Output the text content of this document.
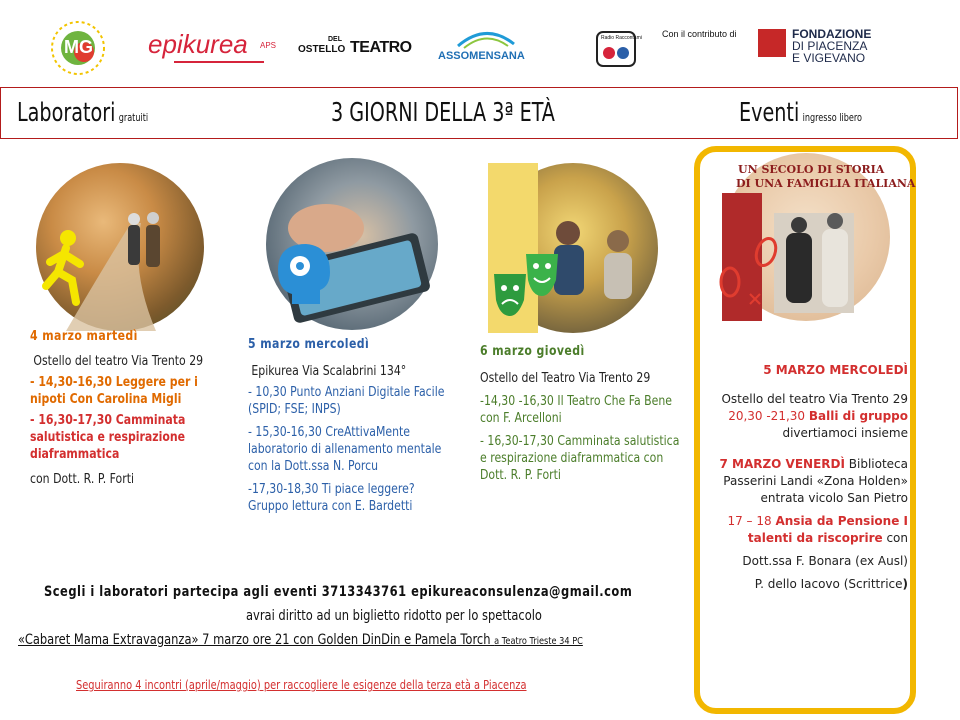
MG epikurea APS OSTELLO
DEL TEATRO ASSOMENSANA
Radio Raccontami Con il contributo di	FONDAZIONE
DI PIACENZA
E VIGEVANO
Laboratori gratuiti	3 GIORNI DELLA 3ª ETÀ	Eventi ingresso libero
UN SECOLO DI STORIA
DI UNA FAMIGLIA ITALIANA
4 marzo martedì
Ostello del teatro Via Trento 29
- 14,30-16,30 Leggere per i nipoti Con Carolina Migli
- 16,30-17,30 Camminata salutistica e respirazione diaframmatica
con Dott. R. P. Forti
5 marzo mercoledì
Epikurea Via Scalabrini 134°
- 10,30 Punto Anziani Digitale Facile (SPID; FSE; INPS)
- 15,30-16,30 CreAttivaMente laboratorio di allenamento mentale con la Dott.ssa N. Porcu
-17,30-18,30 Ti piace leggere? Gruppo lettura con E. Bardetti
6 marzo giovedì
Ostello del Teatro Via Trento 29
-14,30 -16,30 Il Teatro Che Fa Bene con F. Arcelloni
- 16,30-17,30 Camminata salutistica e respirazione diaframmatica con Dott. R. P. Forti
5 MARZO MERCOLEDÌ
Ostello del teatro Via Trento 29
20,30 -21,30 Balli di gruppo
divertiamoci insieme
7 MARZO VENERDÌ Biblioteca
Passerini Landi «Zona Holden»
entrata vicolo San Pietro
17 – 18 Ansia da Pensione I
talenti da riscoprire con
Dott.ssa F. Bonara (ex Ausl)
P. dello Iacovo (Scrittrice)
Scegli i laboratori partecipa agli eventi 3713343761 epikureaconsulenza@gmail.com
avrai diritto ad un biglietto ridotto per lo spettacolo
«Cabaret Mama Extravaganza» 7 marzo ore 21 con Golden DinDin e Pamela Torch a Teatro Trieste 34 PC
Seguiranno 4 incontri (aprile/maggio) per raccogliere le esigenze della terza età a Piacenza
